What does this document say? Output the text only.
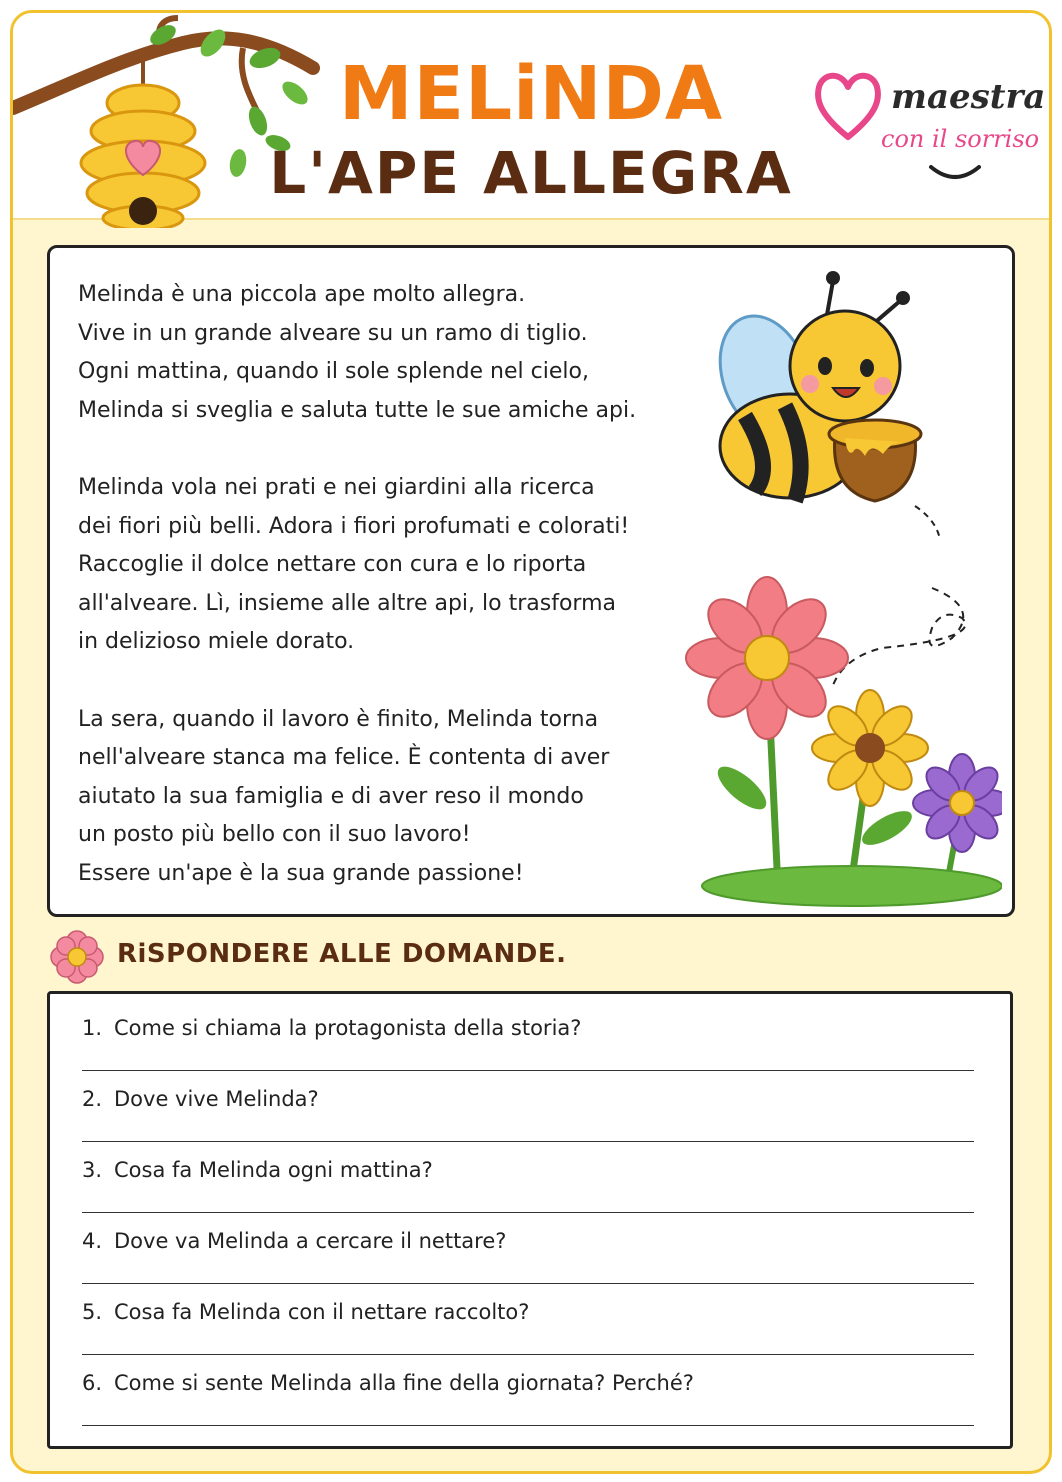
MELiNDA
L'APE ALLEGRA
maestra
con il sorriso

Melinda è una piccola ape molto allegra.
Vive in un grande alveare su un ramo di tiglio.
Ogni mattina, quando il sole splende nel cielo,
Melinda si sveglia e saluta tutte le sue amiche api.

Melinda vola nei prati e nei giardini alla ricerca
dei fiori più belli. Adora i fiori profumati e colorati!
Raccoglie il dolce nettare con cura e lo riporta
all'alveare. Lì, insieme alle altre api, lo trasforma
in delizioso miele dorato.

La sera, quando il lavoro è finito, Melinda torna
nell'alveare stanca ma felice. È contenta di aver
aiutato la sua famiglia e di aver reso il mondo
un posto più bello con il suo lavoro!
Essere un'ape è la sua grande passione!

RiSPONDERE ALLE DOMANDE.
1. Come si chiama la protagonista della storia?
2. Dove vive Melinda?
3. Cosa fa Melinda ogni mattina?
4. Dove va Melinda a cercare il nettare?
5. Cosa fa Melinda con il nettare raccolto?
6. Come si sente Melinda alla fine della giornata? Perché?
